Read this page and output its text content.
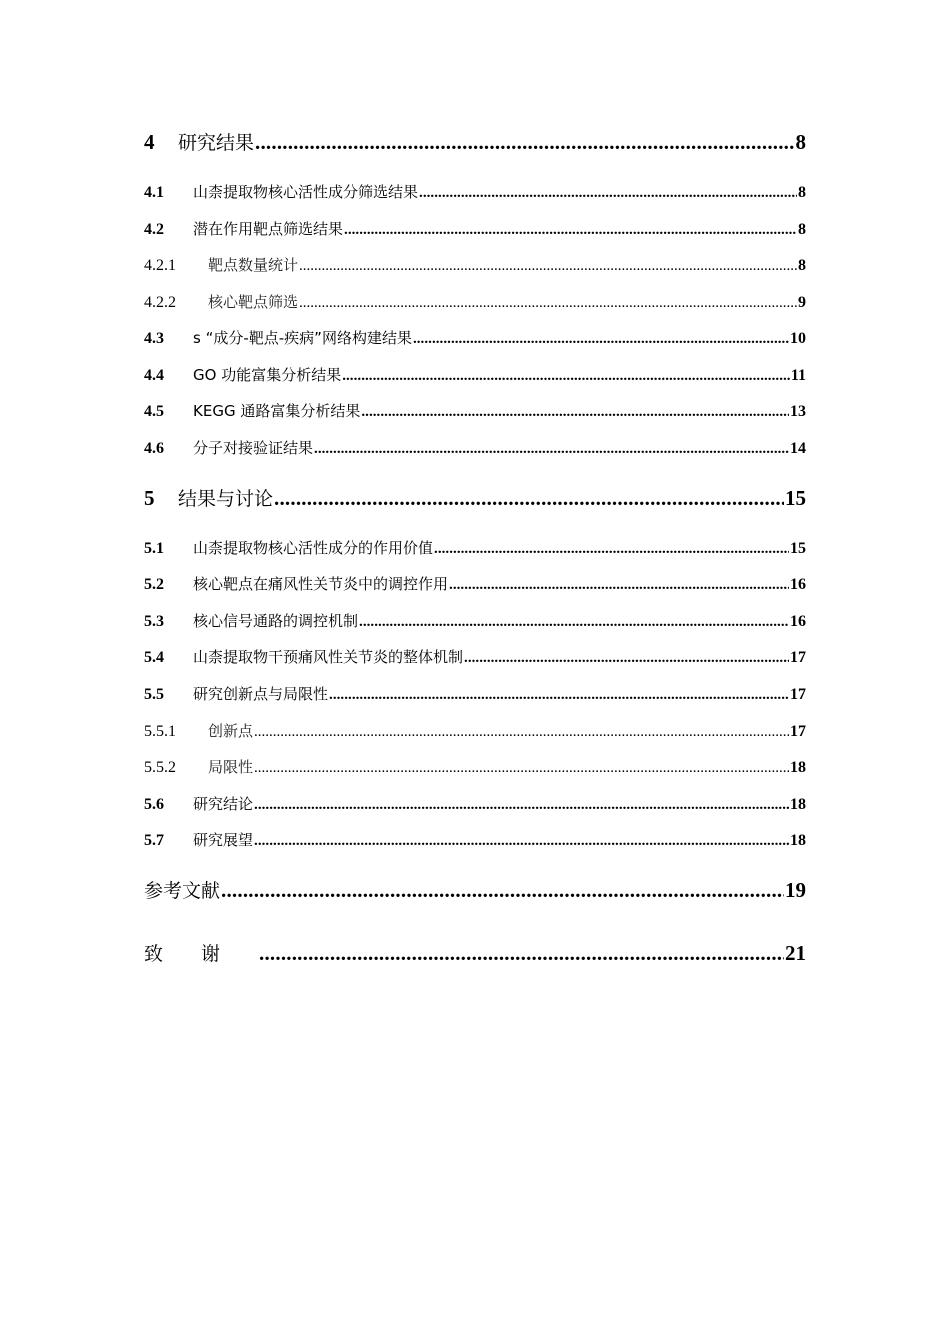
4	研究结果 .....	8
4.1	山柰提取物核心活性成分筛选结果 .....	8
4.2	潜在作用靶点筛选结果 .....	8
4.2.1	靶点数量统计 .....	8
4.2.2	核心靶点筛选 .....	9
4.3	s “成分-靶点-疾病”网络构建结果 .....	10
4.4	GO 功能富集分析结果 .....	11
4.5	KEGG 通路富集分析结果 .....	13
4.6	分子对接验证结果 .....	14
5	结果与讨论 .....	15
5.1	山柰提取物核心活性成分的作用价值 .....	15
5.2	核心靶点在痛风性关节炎中的调控作用 .....	16
5.3	核心信号通路的调控机制 .....	16
5.4	山柰提取物干预痛风性关节炎的整体机制 .....	17
5.5	研究创新点与局限性 .....	17
5.5.1	创新点 .....	17
5.5.2	局限性 .....	18
5.6	研究结论 .....	18
5.7	研究展望 .....	18
参考文献 .....	19
致谢 .....	21
